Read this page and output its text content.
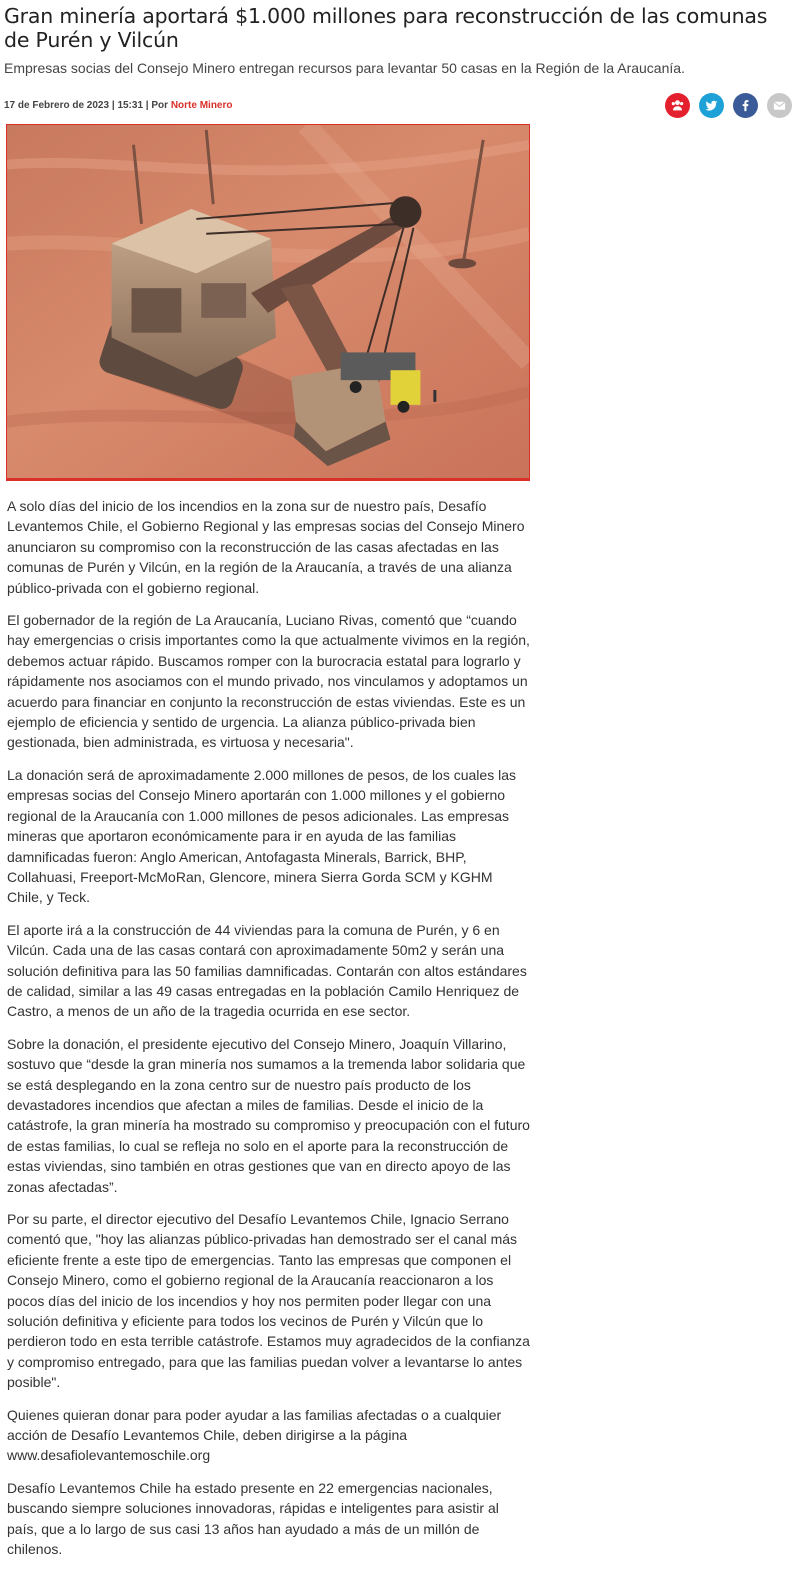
Gran minería aportará $1.000 millones para reconstrucción de las comunas de Purén y Vilcún

Empresas socias del Consejo Minero entregan recursos para levantar 50 casas en la Región de la Araucanía.

17 de Febrero de 2023 | 15:31 | Por Norte Minero

A solo días del inicio de los incendios en la zona sur de nuestro país, Desafío Levantemos Chile, el Gobierno Regional y las empresas socias del Consejo Minero anunciaron su compromiso con la reconstrucción de las casas afectadas en las comunas de Purén y Vilcún, en la región de la Araucanía, a través de una alianza público-privada con el gobierno regional.

El gobernador de la región de La Araucanía, Luciano Rivas, comentó que “cuando hay emergencias o crisis importantes como la que actualmente vivimos en la región, debemos actuar rápido. Buscamos romper con la burocracia estatal para lograrlo y rápidamente nos asociamos con el mundo privado, nos vinculamos y adoptamos un acuerdo para financiar en conjunto la reconstrucción de estas viviendas. Este es un ejemplo de eficiencia y sentido de urgencia. La alianza público-privada bien gestionada, bien administrada, es virtuosa y necesaria".

La donación será de aproximadamente 2.000 millones de pesos, de los cuales las empresas socias del Consejo Minero aportarán con 1.000 millones y el gobierno regional de la Araucanía con 1.000 millones de pesos adicionales. Las empresas mineras que aportaron económicamente para ir en ayuda de las familias damnificadas fueron: Anglo American, Antofagasta Minerals, Barrick, BHP, Collahuasi, Freeport-McMoRan, Glencore, minera Sierra Gorda SCM y KGHM Chile, y Teck.

El aporte irá a la construcción de 44 viviendas para la comuna de Purén, y 6 en Vilcún. Cada una de las casas contará con aproximadamente 50m2 y serán una solución definitiva para las 50 familias damnificadas. Contarán con altos estándares de calidad, similar a las 49 casas entregadas en la población Camilo Henriquez de Castro, a menos de un año de la tragedia ocurrida en ese sector.

Sobre la donación, el presidente ejecutivo del Consejo Minero, Joaquín Villarino, sostuvo que “desde la gran minería nos sumamos a la tremenda labor solidaria que se está desplegando en la zona centro sur de nuestro país producto de los devastadores incendios que afectan a miles de familias. Desde el inicio de la catástrofe, la gran minería ha mostrado su compromiso y preocupación con el futuro de estas familias, lo cual se refleja no solo en el aporte para la reconstrucción de estas viviendas, sino también en otras gestiones que van en directo apoyo de las zonas afectadas”.

Por su parte, el director ejecutivo del Desafío Levantemos Chile, Ignacio Serrano comentó que, "hoy las alianzas público-privadas han demostrado ser el canal más eficiente frente a este tipo de emergencias. Tanto las empresas que componen el Consejo Minero, como el gobierno regional de la Araucanía reaccionaron a los pocos días del inicio de los incendios y hoy nos permiten poder llegar con una solución definitiva y eficiente para todos los vecinos de Purén y Vilcún que lo perdieron todo en esta terrible catástrofe. Estamos muy agradecidos de la confianza y compromiso entregado, para que las familias puedan volver a levantarse lo antes posible".

Quienes quieran donar para poder ayudar a las familias afectadas o a cualquier acción de Desafío Levantemos Chile, deben dirigirse a la página www.desafiolevantemoschile.org

Desafío Levantemos Chile ha estado presente en 22 emergencias nacionales, buscando siempre soluciones innovadoras, rápidas e inteligentes para asistir al país, que a lo largo de sus casi 13 años han ayudado a más de un millón de chilenos.
